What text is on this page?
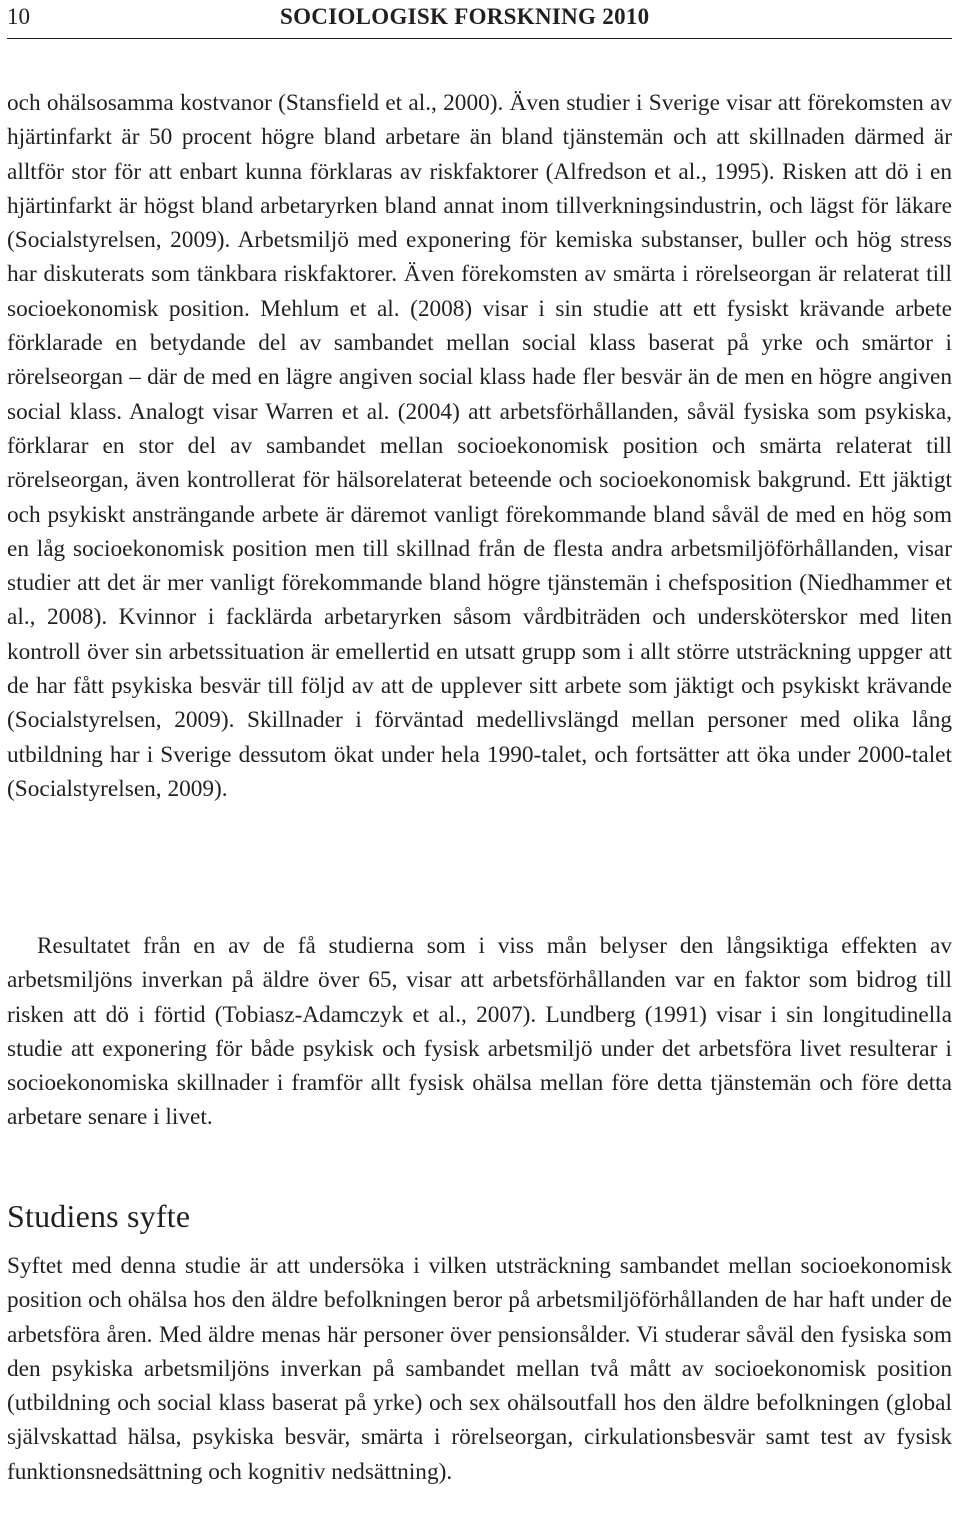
10	SOCIOLOGISK FORSKNING 2010

och ohälsosamma kostvanor (Stansfield et al., 2000). Även studier i Sverige visar att förekomsten av hjärtinfarkt är 50 procent högre bland arbetare än bland tjänstemän och att skillnaden därmed är alltför stor för att enbart kunna förklaras av riskfaktorer (Alfredson et al., 1995). Risken att dö i en hjärtinfarkt är högst bland arbetaryrken bland annat inom tillverkningsindustrin, och lägst för läkare (Socialstyrelsen, 2009). Arbetsmiljö med exponering för kemiska substanser, buller och hög stress har diskuterats som tänkbara riskfaktorer. Även förekomsten av smärta i rörelseorgan är relaterat till socioekonomisk position. Mehlum et al. (2008) visar i sin studie att ett fysiskt krävande arbete förklarade en betydande del av sambandet mellan social klass baserat på yrke och smärtor i rörelseorgan – där de med en lägre angiven social klass hade fler besvär än de men en högre angiven social klass. Analogt visar Warren et al. (2004) att arbetsförhållanden, såväl fysiska som psykiska, förklarar en stor del av sambandet mellan socioekonomisk position och smärta relaterat till rörelseorgan, även kontrollerat för hälsorelaterat beteende och socioekonomisk bakgrund. Ett jäktigt och psykiskt ansträngande arbete är däremot vanligt förekommande bland såväl de med en hög som en låg socioekonomisk position men till skillnad från de flesta andra arbetsmiljöförhållanden, visar studier att det är mer vanligt förekommande bland högre tjänstemän i chefsposition (Niedhammer et al., 2008). Kvinnor i facklärda arbetaryrken såsom vårdbiträden och undersköterskor med liten kontroll över sin arbetssituation är emellertid en utsatt grupp som i allt större utsträckning uppger att de har fått psykiska besvär till följd av att de upplever sitt arbete som jäktigt och psykiskt krävande (Socialstyrelsen, 2009). Skillnader i förväntad medellivslängd mellan personer med olika lång utbildning har i Sverige dessutom ökat under hela 1990-talet, och fortsätter att öka under 2000-talet (Socialstyrelsen, 2009).

Resultatet från en av de få studierna som i viss mån belyser den långsiktiga effekten av arbetsmiljöns inverkan på äldre över 65, visar att arbetsförhållanden var en faktor som bidrog till risken att dö i förtid (Tobiasz-Adamczyk et al., 2007). Lundberg (1991) visar i sin longitudinella studie att exponering för både psykisk och fysisk arbetsmiljö under det arbetsföra livet resulterar i socioekonomiska skillnader i framför allt fysisk ohälsa mellan före detta tjänstemän och före detta arbetare senare i livet.

Studiens syfte

Syftet med denna studie är att undersöka i vilken utsträckning sambandet mellan socioekonomisk position och ohälsa hos den äldre befolkningen beror på arbetsmiljöförhållanden de har haft under de arbetsföra åren. Med äldre menas här personer över pensionsålder. Vi studerar såväl den fysiska som den psykiska arbetsmiljöns inverkan på sambandet mellan två mått av socioekonomisk position (utbildning och social klass baserat på yrke) och sex ohälsoutfall hos den äldre befolkningen (global självskattad hälsa, psykiska besvär, smärta i rörelseorgan, cirkulationsbesvär samt test av fysisk funktionsnedsättning och kognitiv nedsättning).
